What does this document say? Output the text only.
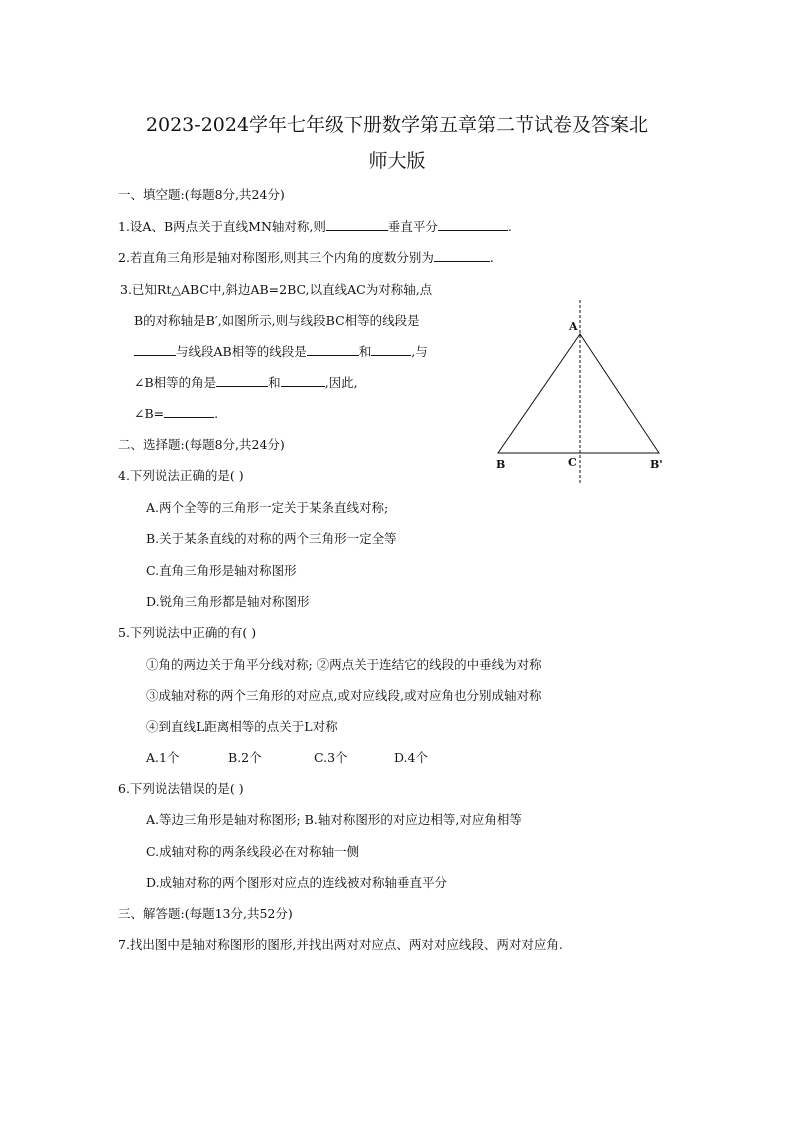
2023-2024学年七年级下册数学第五章第二节试卷及答案北
师大版
一、填空题:(每题8分,共24分)
1.设A、B两点关于直线MN轴对称,则	垂直平分	.
2.若直角三角形是轴对称图形,则其三个内角的度数分别为	.
3.已知Rt△ABC中,斜边AB=2BC,以直线AC为对称轴,点
B的对称轴是B′,如图所示,则与线段BC相等的线段是
与线段AB相等的线段是	和	,与
∠B相等的角是	和	,因此,
∠B=	.
A
B	C	B'
二、选择题:(每题8分,共24分)
4.下列说法正确的是( )
A.两个全等的三角形一定关于某条直线对称;
B.关于某条直线的对称的两个三角形一定全等
C.直角三角形是轴对称图形
D.锐角三角形都是轴对称图形
5.下列说法中正确的有( )
①角的两边关于角平分线对称; ②两点关于连结它的线段的中垂线为对称
③成轴对称的两个三角形的对应点,或对应线段,或对应角也分别成轴对称
④到直线L距离相等的点关于L对称
A.1个	B.2个	C.3个	D.4个
6.下列说法错误的是( )
A.等边三角形是轴对称图形; B.轴对称图形的对应边相等,对应角相等
C.成轴对称的两条线段必在对称轴一侧
D.成轴对称的两个图形对应点的连线被对称轴垂直平分
三、解答题:(每题13分,共52分)
7.找出图中是轴对称图形的图形,并找出两对对应点、两对对应线段、两对对应角.
